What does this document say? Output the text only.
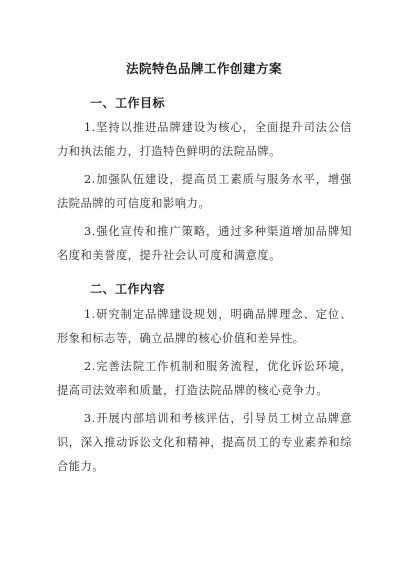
法院特色品牌工作创建方案
一、工作目标

1.坚持以推进品牌建设为核心，全面提升司法公信力和执法能力，打造特色鲜明的法院品牌。

2.加强队伍建设，提高员工素质与服务水平，增强法院品牌的可信度和影响力。

3.强化宣传和推广策略，通过多种渠道增加品牌知名度和美誉度，提升社会认可度和满意度。

二、工作内容

1.研究制定品牌建设规划，明确品牌理念、定位、形象和标志等，确立品牌的核心价值和差异性。

2.完善法院工作机制和服务流程，优化诉讼环境，提高司法效率和质量，打造法院品牌的核心竞争力。

3.开展内部培训和考核评估，引导员工树立品牌意识，深入推动诉讼文化和精神，提高员工的专业素养和综合能力。
